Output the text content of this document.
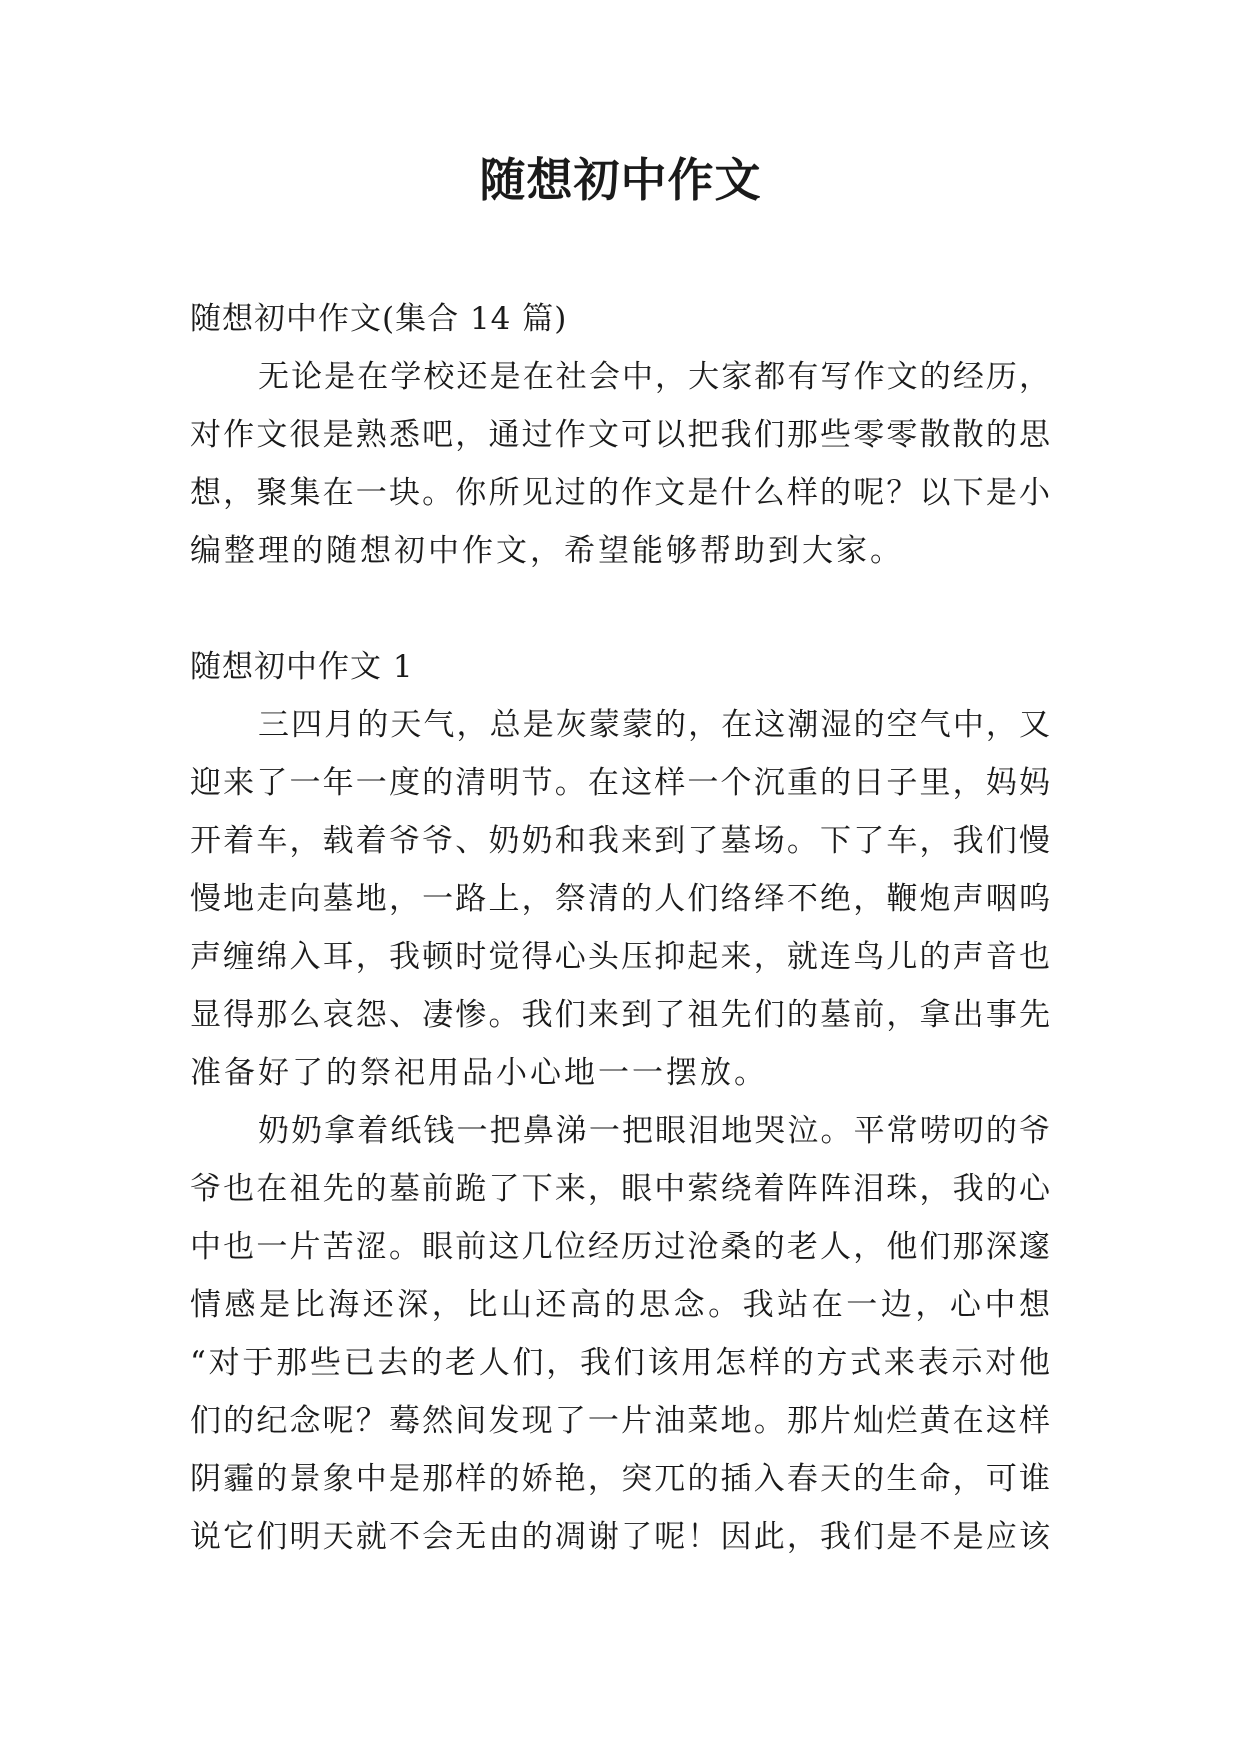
随想初中作文
随想初中作文(集合 14 篇)
无论是在学校还是在社会中，大家都有写作文的经历，
对作文很是熟悉吧，通过作文可以把我们那些零零散散的思
想，聚集在一块。你所见过的作文是什么样的呢？以下是小
编整理的随想初中作文，希望能够帮助到大家。
随想初中作文 1
三四月的天气，总是灰蒙蒙的，在这潮湿的空气中，又
迎来了一年一度的清明节。在这样一个沉重的日子里，妈妈
开着车，载着爷爷、奶奶和我来到了墓场。下了车，我们慢
慢地走向墓地，一路上，祭清的人们络绎不绝，鞭炮声咽呜
声缠绵入耳，我顿时觉得心头压抑起来，就连鸟儿的声音也
显得那么哀怨、凄惨。我们来到了祖先们的墓前，拿出事先
准备好了的祭祀用品小心地一一摆放。
奶奶拿着纸钱一把鼻涕一把眼泪地哭泣。平常唠叨的爷
爷也在祖先的墓前跪了下来，眼中萦绕着阵阵泪珠，我的心
中也一片苦涩。眼前这几位经历过沧桑的老人，他们那深邃
情感是比海还深，比山还高的思念。我站在一边，心中想
“对于那些已去的老人们，我们该用怎样的方式来表示对他
们的纪念呢？蓦然间发现了一片油菜地。那片灿烂黄在这样
阴霾的景象中是那样的娇艳，突兀的插入春天的生命，可谁
说它们明天就不会无由的凋谢了呢！因此，我们是不是应该
